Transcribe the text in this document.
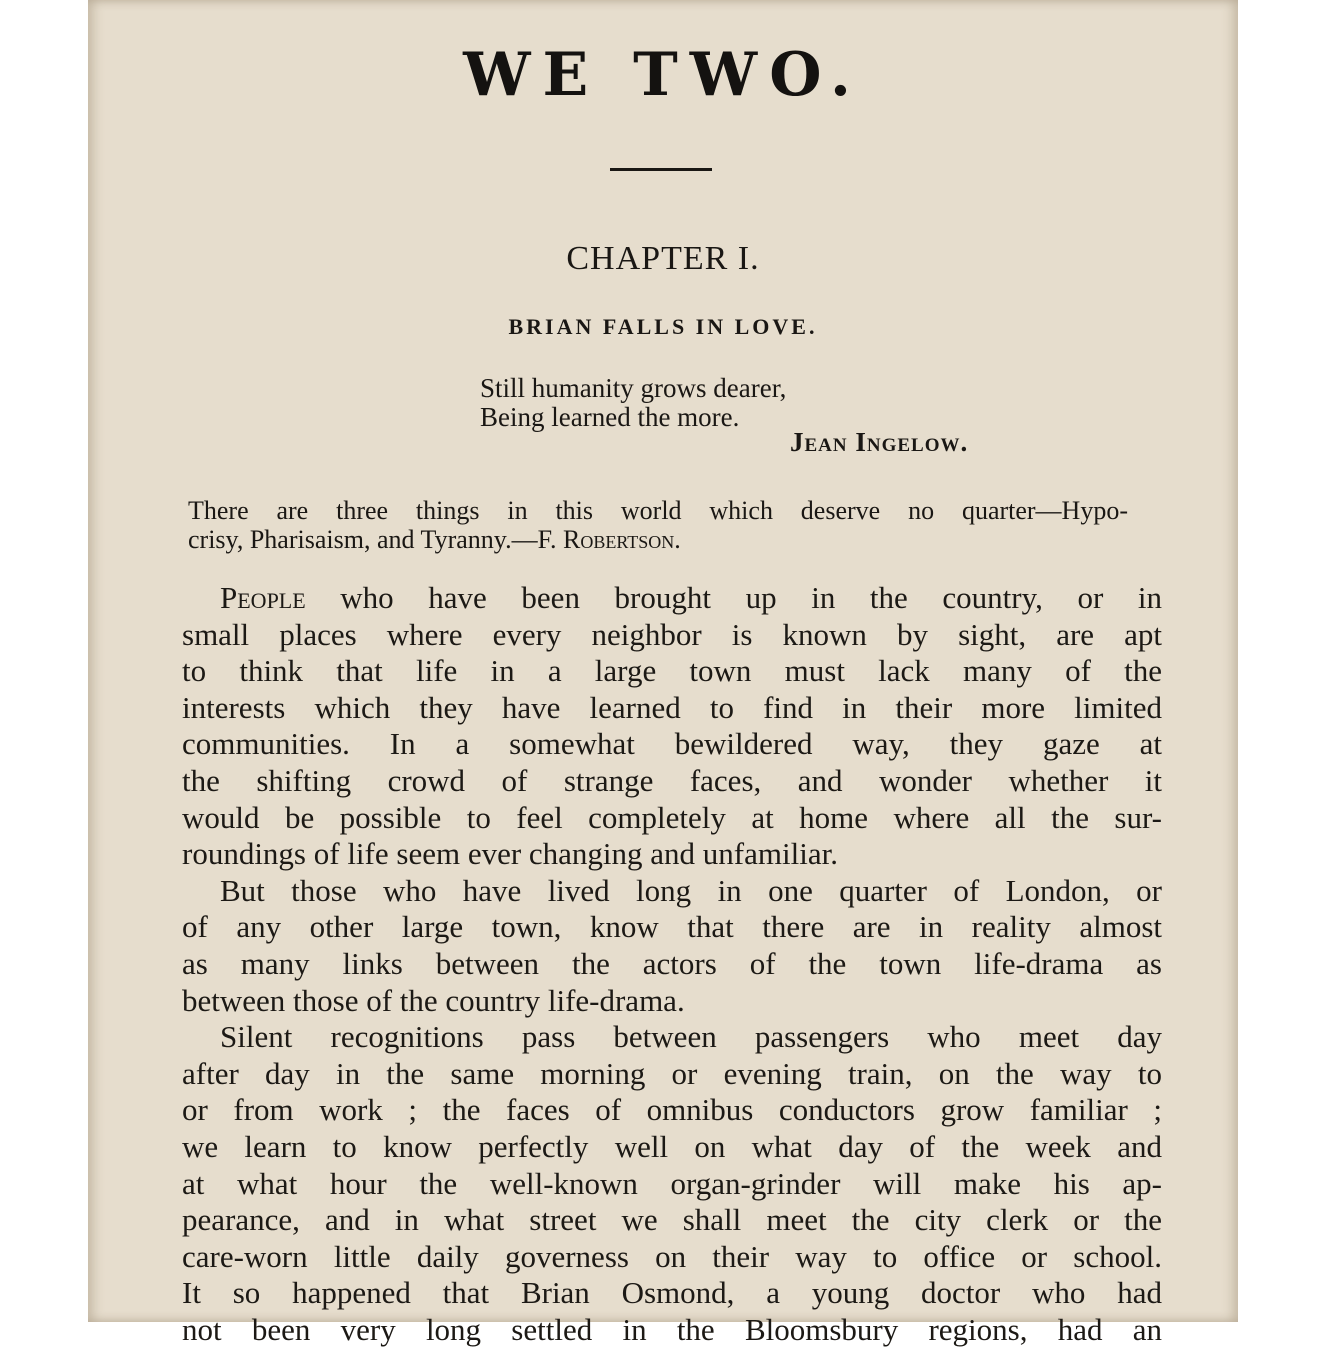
WE TWO.
CHAPTER I.
BRIAN FALLS IN LOVE.
Still humanity grows dearer,
Being learned the more.
Jean Ingelow.
There are three things in this world which deserve no quarter—Hypo-
crisy, Pharisaism, and Tyranny.—F. Robertson.
People who have been brought up in the country, or in
small places where every neighbor is known by sight, are apt
to think that life in a large town must lack many of the
interests which they have learned to find in their more limited
communities. In a somewhat bewildered way, they gaze at
the shifting crowd of strange faces, and wonder whether it
would be possible to feel completely at home where all the sur-
roundings of life seem ever changing and unfamiliar.
But those who have lived long in one quarter of London, or
of any other large town, know that there are in reality almost
as many links between the actors of the town life-drama as
between those of the country life-drama.
Silent recognitions pass between passengers who meet day
after day in the same morning or evening train, on the way to
or from work ; the faces of omnibus conductors grow familiar ;
we learn to know perfectly well on what day of the week and
at what hour the well-known organ-grinder will make his ap-
pearance, and in what street we shall meet the city clerk or the
care-worn little daily governess on their way to office or school.
It so happened that Brian Osmond, a young doctor who had
not been very long settled in the Bloomsbury regions, had an
